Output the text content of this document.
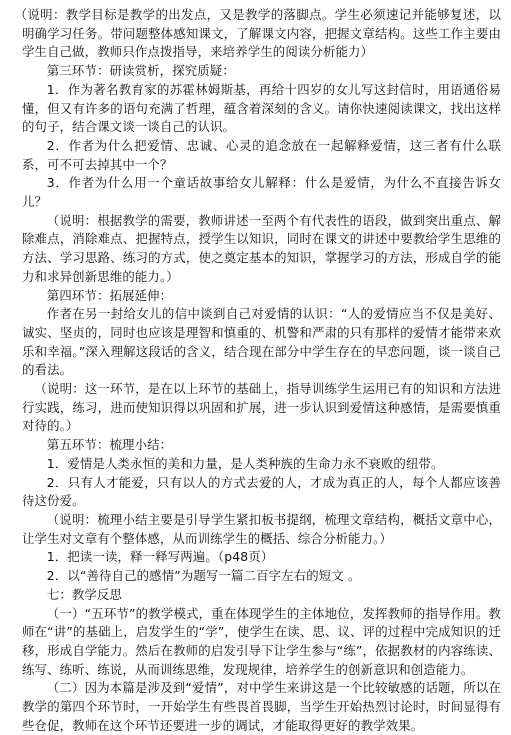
（说明：教学目标是教学的出发点，又是教学的落脚点。学生必须速记并能够复述，以明确学习任务。带问题整体感知课文，了解课文内容，把握文章结构。这些工作主要由学生自己做，教师只作点拨指导，来培养学生的阅读分析能力）

第三环节：研读赏析，探究质疑：

1．作为著名教育家的苏霍林姆斯基，再给十四岁的女儿写这封信时，用语通俗易懂，但又有许多的语句充满了哲理，蕴含着深刻的含义。请你快速阅读课文，找出这样的句子，结合课文谈一谈自己的认识。

2．作者为什么把爱情、忠诚、心灵的追念放在一起解释爱情，这三者有什么联系，可不可去掉其中一个？

3．作者为什么用一个童话故事给女儿解释：什么是爱情，为什么不直接告诉女儿？

（说明：根据教学的需要，教师讲述一至两个有代表性的语段，做到突出重点、解除难点，消除难点、把握特点，授学生以知识，同时在课文的讲述中要教给学生思维的方法、学习思路、练习的方式，使之奠定基本的知识，掌握学习的方法，形成自学的能力和求异创新思维的能力。）

第四环节：拓展延伸：

作者在另一封给女儿的信中谈到自己对爱情的认识：“人的爱情应当不仅是美好、诚实、坚贞的，同时也应该是理智和慎重的、机警和严肃的只有那样的爱情才能带来欢乐和幸福。”深入理解这段话的含义，结合现在部分中学生存在的早恋问题，谈一谈自己的看法。

（说明：这一环节，是在以上环节的基础上，指导训练学生运用已有的知识和方法进行实践，练习，进而使知识得以巩固和扩展，进一步认识到爱情这种感情，是需要慎重对待的。）

第五环节：梳理小结：

1．爱情是人类永恒的美和力量，是人类种族的生命力永不衰败的纽带。

2．只有人才能爱，只有以人的方式去爱的人，才成为真正的人，每个人都应该善待这份爱。

（说明：梳理小结主要是引导学生紧扣板书提纲，梳理文章结构，概括文章中心，让学生对文章有个整体感，从而训练学生的概括、综合分析能力。）

1．把读一读，释一释写两遍。（p48页）

2．以“善待自己的感情”为题写一篇二百字左右的短文 。

七：教学反思

（一）“五环节”的教学模式，重在体现学生的主体地位，发挥教师的指导作用。教师在“讲”的基础上，启发学生的“学”，使学生在读、思、议、评的过程中完成知识的迁移，形成自学能力。然后在教师的启发引导下让学生参与“练”，依据教材的内容练读、练写、练听、练说，从而训练思维，发现规律，培养学生的创新意识和创造能力。

（二）因为本篇是涉及到“爱情”，对中学生来讲这是一个比较敏感的话题，所以在教学的第四个环节时，一开始学生有些畏首畏脚，当学生开始热烈讨论时，时间显得有些仓促，教师在这个环节还要进一步的调试，才能取得更好的教学效果。
